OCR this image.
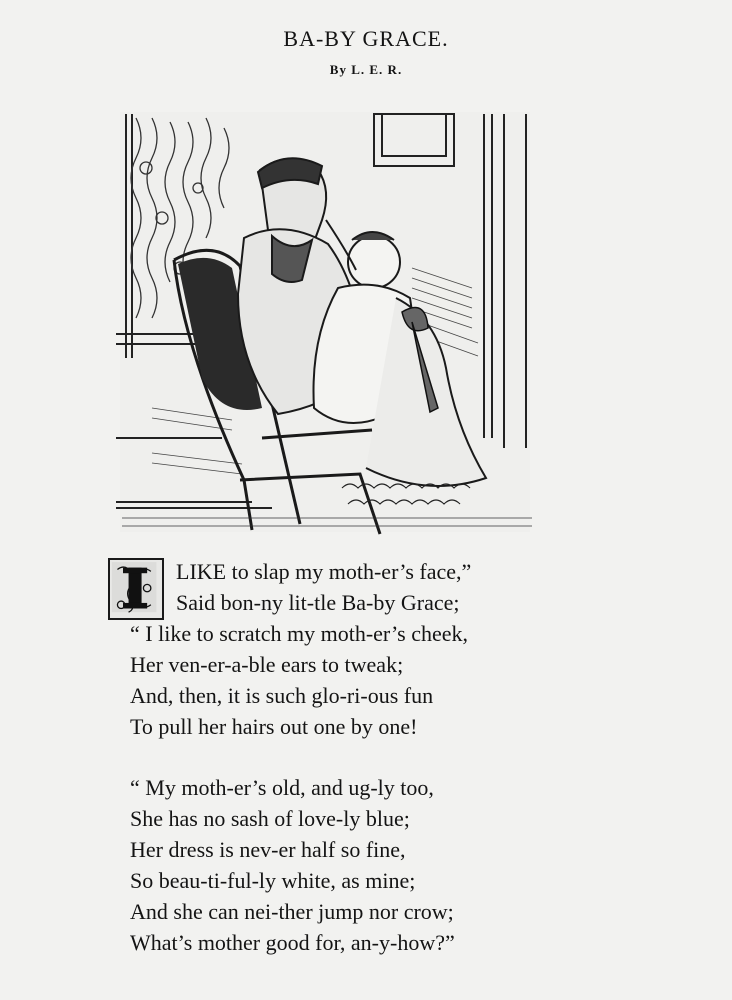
BA-BY GRACE.
By L. E. R.
LIKE to slap my moth-er’s face,”
Said bon-ny lit-tle Ba-by Grace;
“ I like to scratch my moth-er’s cheek,
Her ven-er-a-ble ears to tweak;
And, then, it is such glo-ri-ous fun
To pull her hairs out one by one!
“ My moth-er’s old, and ug-ly too,
She has no sash of love-ly blue;
Her dress is nev-er half so fine,
So beau-ti-ful-ly white, as mine;
And she can nei-ther jump nor crow;
What’s mother good for, an-y-how?”
